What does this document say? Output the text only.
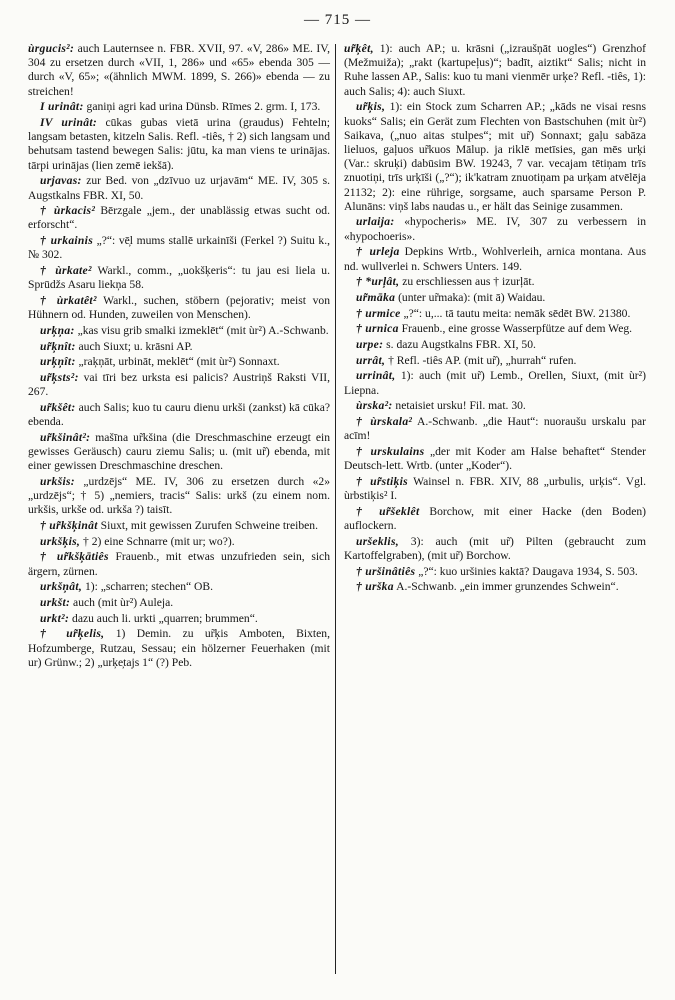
— 715 —

ùrgucis²: auch Lauternsee n. FBR. XVII, 97. «V, 286» ME. IV, 304 zu ersetzen durch «VII, 1, 286» und «65» ebenda 305 — durch «V, 65»; «(ähnlich MWM. 1899, S. 266)» ebenda — zu streichen!

I urinât: ganiņi agri kad urina Dünsb. Rīmes 2. grm. I, 173.

IV urinât: cūkas gubas vietā urina (graudus) Fehteln; langsam betasten, kitzeln Salis. Refl. -tiês, † 2) sich langsam und behutsam tastend bewegen Salis: jūtu, ka man viens te urinājas. tārpi urinājas (lien zemē iekšā).

urjavas: zur Bed. von „dzīvuo uz urjavām“ ME. IV, 305 s. Augstkalns FBR. XI, 50.

† ùrkacis² Bērzgale „jem., der unablässig etwas sucht od. erforscht“.

† urkainis „?“: vē̦l mums stallē urkainīši (Ferkel ?) Suitu k., № 302.

† ùrkate² Warkl., comm., „uokšķeris“: tu jau esi liela u. Sprūdžs Asaru liekņa 58.

† ùrkatêt² Warkl., suchen, stöbern (pejorativ; meist von Hühnern od. Hunden, zuweilen von Menschen).

urķņa: „kas visu grib smalki izmeklēt“ (mit ùr²) A.-Schwanb.

ur̃ķnît: auch Siuxt; u. krāsni AP.

urķņît: „raķņāt, urbināt, meklēt“ (mit ùr²) Sonnaxt.

ur̃ķsts²: vai tīri bez urksta esi palicis? Austriņš Raksti VII, 267.

ur̃kšêt: auch Salis; kuo tu cauru dienu urkši (zankst) kā cūka? ebenda.

ur̃kšinât²: mašīna ur̃kšina (die Dreschmaschine erzeugt ein gewisses Geräusch) cauru ziemu Salis; u. (mit ur̃) ebenda, mit einer gewissen Dreschmaschine dreschen.

urkšis: „urdzējs“ ME. IV, 306 zu ersetzen durch «2» „urdzējs“; † 5) „nemiers, tracis“ Salis: urkš (zu einem nom. urkšis, urkše od. urkša ?) taisīt.

† ur̃kšķinât Siuxt, mit gewissen Zurufen Schweine treiben.

urkšķis, † 2) eine Schnarre (mit ur; wo?).

† ur̃kšķātiês Frauenb., mit etwas unzufrieden sein, sich ärgern, zürnen.

urkšņât, 1): „scharren; stechen“ OB.

urkšt: auch (mit ùr²) Auleja.

urkt²: dazu auch li. urkti „quarren; brummen“.

† ur̃ķelis, 1) Demin. zu ur̃ķis Amboten, Bixten, Hofzumberge, Rutzau, Sessau; ein hölzerner Feuerhaken (mit ur) Grünw.; 2) „urķe̦tajs 1“ (?) Peb.

ur̃ķêt, 1): auch AP.; u. krāsni („izraušņāt uogles“) Grenzhof (Mežmuiža); „rakt (kartupeļus)“; badīt, aiztikt“ Salis; nicht in Ruhe lassen AP., Salis: kuo tu mani vienmēr urķe? Refl. -tiês, 1): auch Salis; 4): auch Siuxt.

ur̃ķis, 1): ein Stock zum Scharren AP.; „kāds ne visai resns kuoks“ Salis; ein Gerät zum Flechten von Bastschuhen (mit ùr²) Saikava, („nuo aitas stulpes“; mit ur̃) Sonnaxt; gaļu sabāza lieluos, gaļuos ur̃kuos Mālup. ja riklē metīsies, gan mēs urķi (Var.: skruķi) dabūsim BW. 19243, 7 var. vecajam tētiņam trīs znuotiņi, trīs urķīši („?“); ik'katram znuotiņam pa urķam atvēlēja 21132; 2): eine rührige, sorgsame, auch sparsame Person P. Alunāns: viņš labs naudas u., er hält das Seinige zusammen.

urlaija: «hypocheris» ME. IV, 307 zu verbessern in «hypochoeris».

† urleja Depkins Wrtb., Wohlverleih, arnica montana. Aus nd. wullverlei n. Schwers Unters. 149.

† *urļât, zu erschliessen aus † izurļāt.

ur̃māka (unter ur̃maka): (mit ā) Waidau.

† urmice „?“: u,... tā tautu meita: nemāk sēdēt BW. 21380.

† urnica Frauenb., eine grosse Wasserpfütze auf dem Weg.

urpe: s. dazu Augstkalns FBR. XI, 50.

urrât, † Refl. -tiês AP. (mit ur̃), „hurrah“ rufen.

urrinât, 1): auch (mit ur̃) Lemb., Orellen, Siuxt, (mit ùr²) Liepna.

ùrska²: netaisiet ursku! Fil. mat. 30.

† ùrskala² A.-Schwanb. „die Haut“: nuoraušu urskalu par acīm!

† urskulains „der mit Koder am Halse behaftet“ Stender Deutsch-lett. Wrtb. (unter „Koder“).

† ur̃stiķis Wainsel n. FBR. XIV, 88 „urbulis, urķis“. Vgl. ùrbstiķis² I.

† ur̃šeklêt Borchow, mit einer Hacke (den Boden) auflockern.

uršeklis, 3): auch (mit ur̃) Pilten (gebraucht zum Kartoffelgraben), (mit ur̃) Borchow.

† uršinâtiês „?“: kuo uršinies kaktā? Daugava 1934, S. 503.

† urška A.-Schwanb. „ein immer grunzendes Schwein“.
